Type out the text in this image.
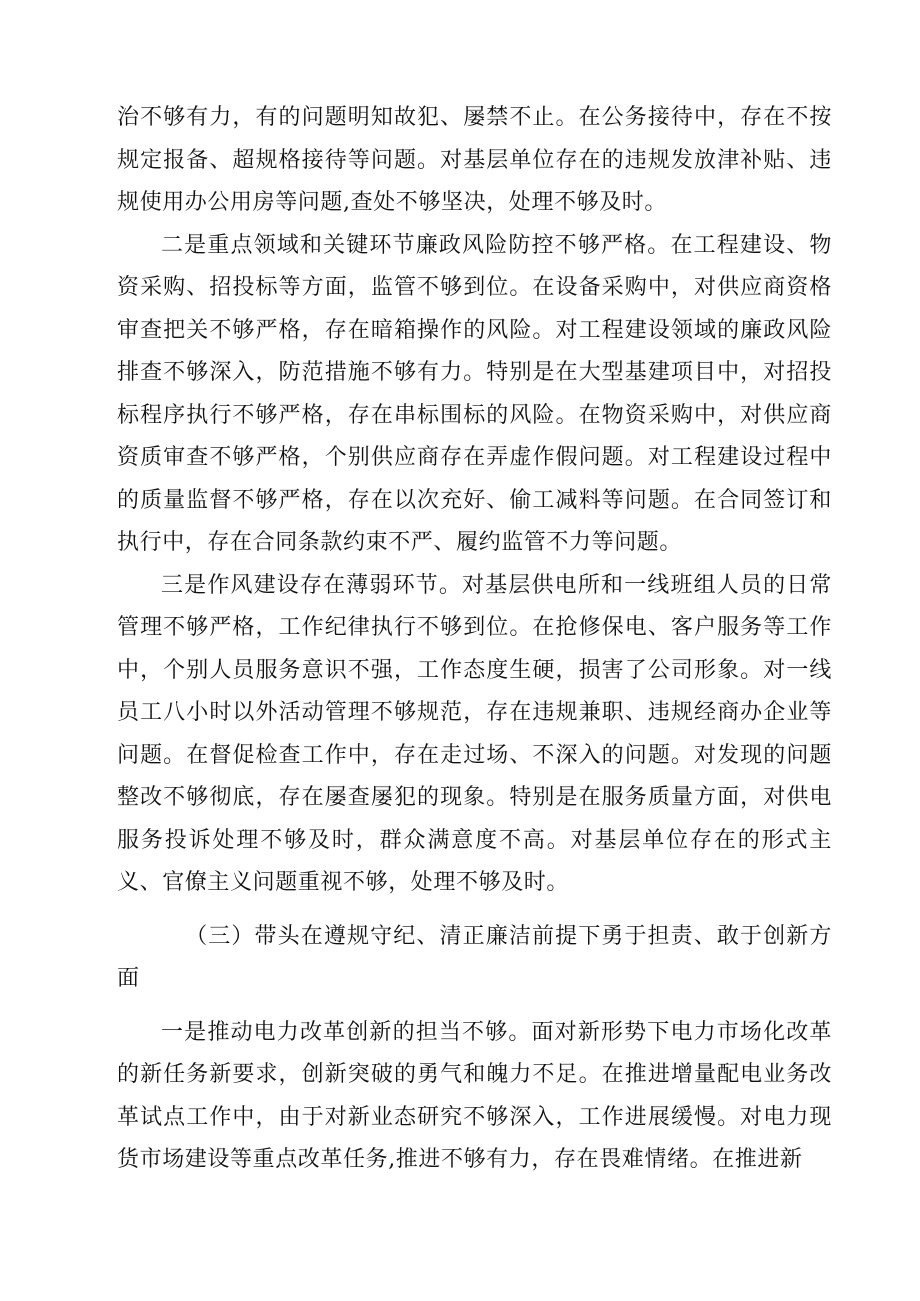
治不够有力，有的问题明知故犯、屡禁不止。在公务接待中，存在不按规定报备、超规格接待等问题。对基层单位存在的违规发放津补贴、违规使用办公用房等问题,查处不够坚决，处理不够及时。

二是重点领域和关键环节廉政风险防控不够严格。在工程建设、物资采购、招投标等方面，监管不够到位。在设备采购中，对供应商资格审查把关不够严格，存在暗箱操作的风险。对工程建设领域的廉政风险排查不够深入，防范措施不够有力。特别是在大型基建项目中，对招投标程序执行不够严格，存在串标围标的风险。在物资采购中，对供应商资质审查不够严格，个别供应商存在弄虚作假问题。对工程建设过程中的质量监督不够严格，存在以次充好、偷工减料等问题。在合同签订和执行中，存在合同条款约束不严、履约监管不力等问题。

三是作风建设存在薄弱环节。对基层供电所和一线班组人员的日常管理不够严格，工作纪律执行不够到位。在抢修保电、客户服务等工作中，个别人员服务意识不强，工作态度生硬，损害了公司形象。对一线员工八小时以外活动管理不够规范，存在违规兼职、违规经商办企业等问题。在督促检查工作中，存在走过场、不深入的问题。对发现的问题整改不够彻底，存在屡查屡犯的现象。特别是在服务质量方面，对供电服务投诉处理不够及时，群众满意度不高。对基层单位存在的形式主义、官僚主义问题重视不够，处理不够及时。

（三）带头在遵规守纪、清正廉洁前提下勇于担责、敢于创新方面

一是推动电力改革创新的担当不够。面对新形势下电力市场化改革的新任务新要求，创新突破的勇气和魄力不足。在推进增量配电业务改革试点工作中，由于对新业态研究不够深入，工作进展缓慢。对电力现货市场建设等重点改革任务,推进不够有力，存在畏难情绪。在推进新
